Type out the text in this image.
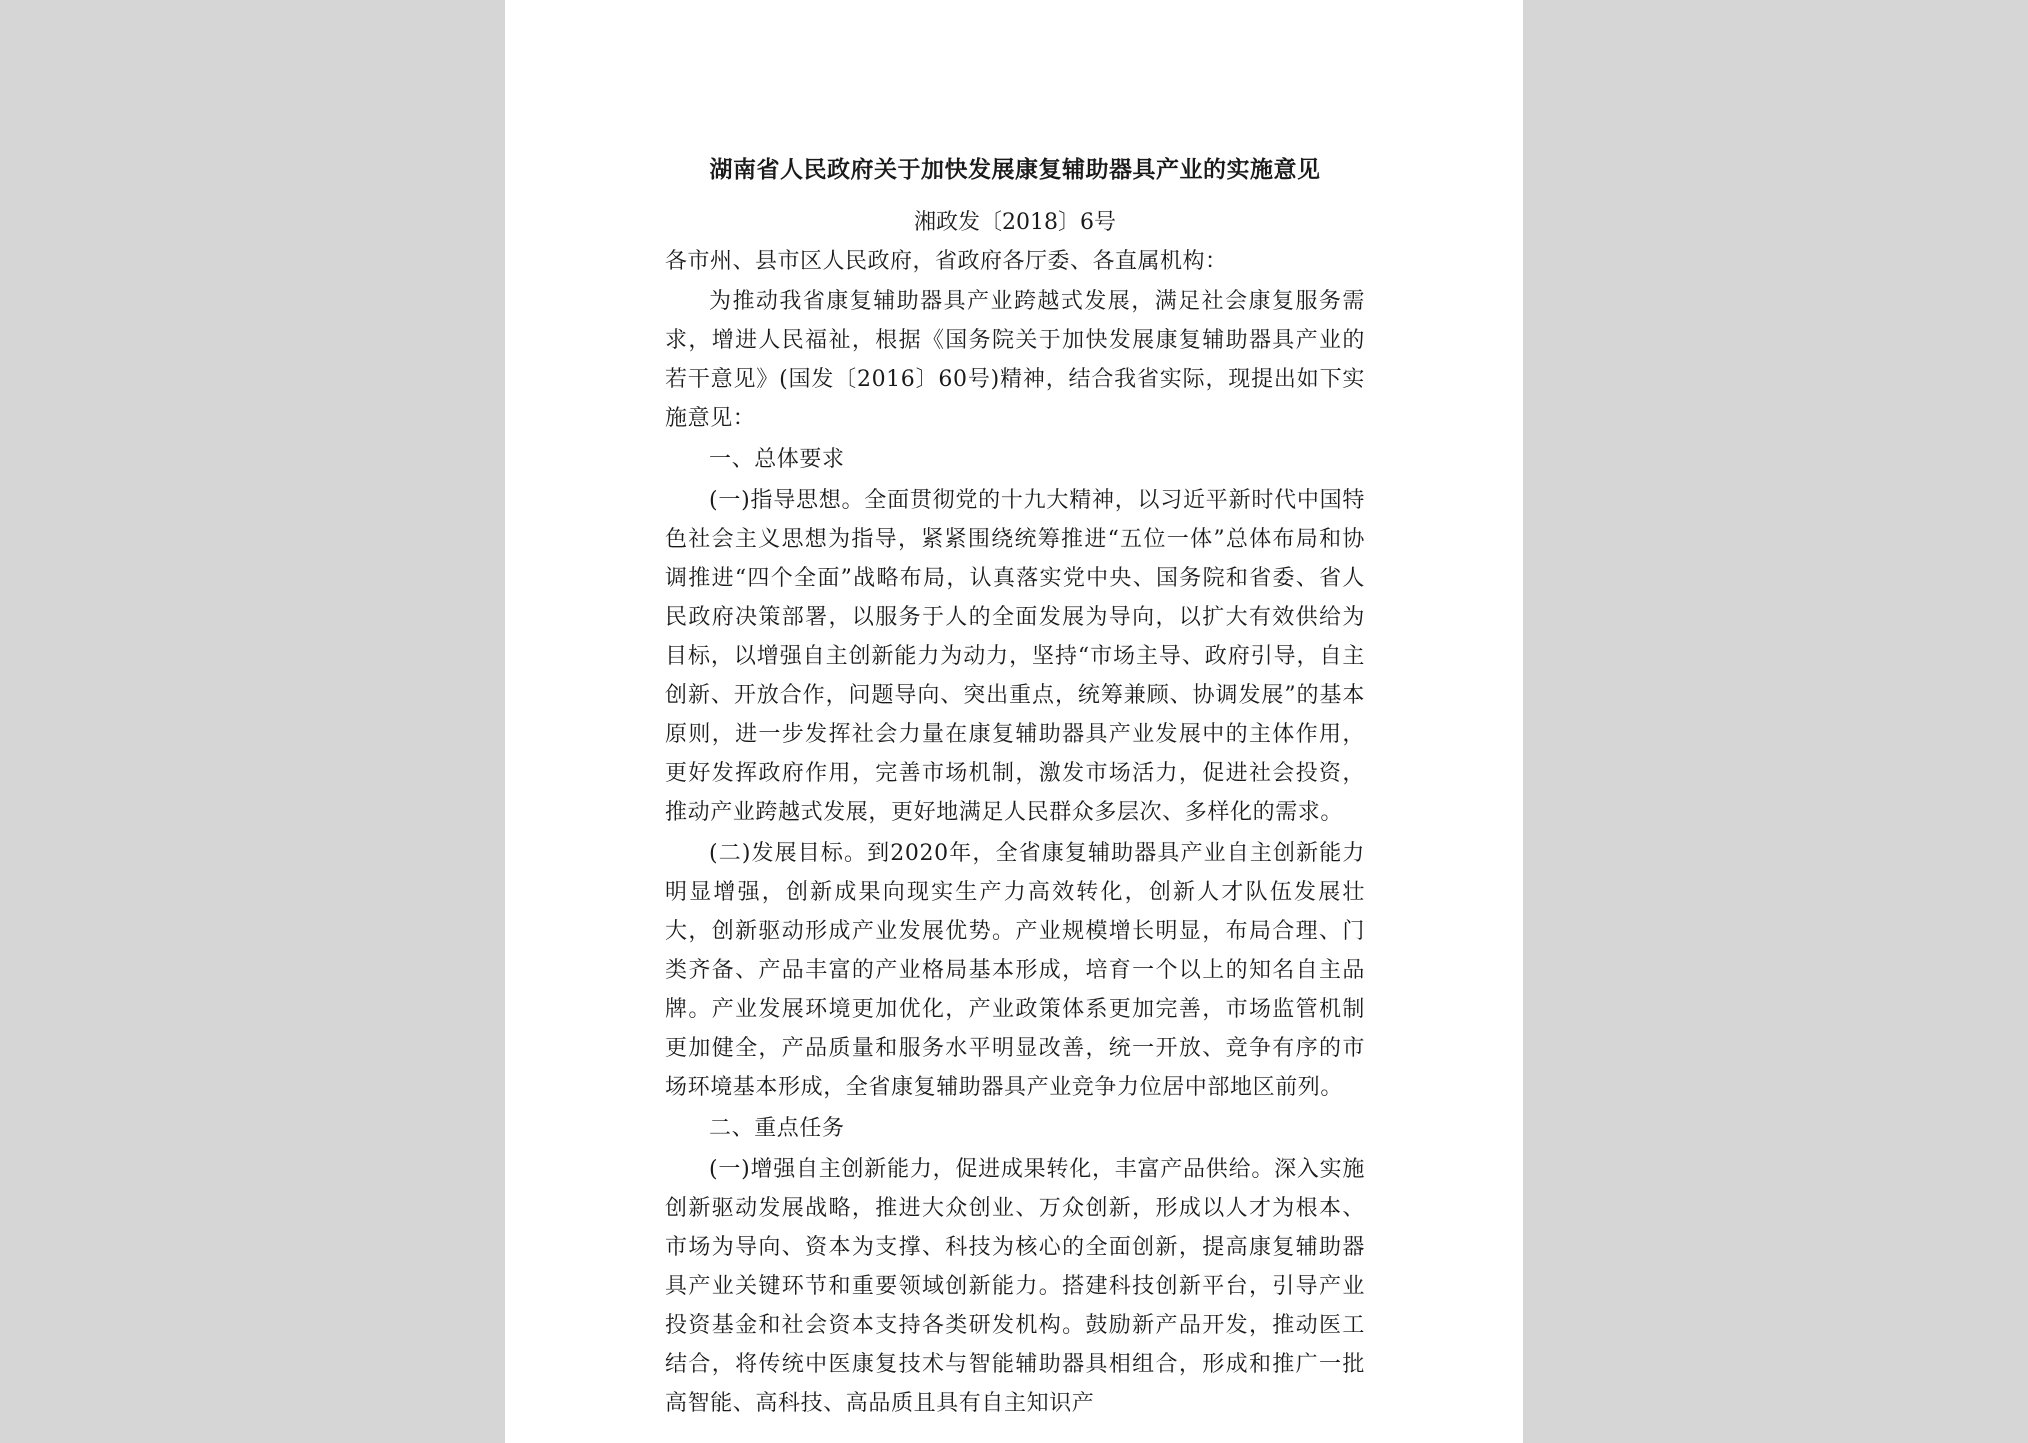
湖南省人民政府关于加快发展康复辅助器具产业的实施意见

湘政发〔2018〕6号

各市州、县市区人民政府，省政府各厅委、各直属机构：

为推动我省康复辅助器具产业跨越式发展，满足社会康复服务需求，增进人民福祉，根据《国务院关于加快发展康复辅助器具产业的若干意见》(国发〔2016〕60号)精神，结合我省实际，现提出如下实施意见：

一、总体要求

(一)指导思想。全面贯彻党的十九大精神，以习近平新时代中国特色社会主义思想为指导，紧紧围绕统筹推进“五位一体”总体布局和协调推进“四个全面”战略布局，认真落实党中央、国务院和省委、省人民政府决策部署，以服务于人的全面发展为导向，以扩大有效供给为目标，以增强自主创新能力为动力，坚持“市场主导、政府引导，自主创新、开放合作，问题导向、突出重点，统筹兼顾、协调发展”的基本原则，进一步发挥社会力量在康复辅助器具产业发展中的主体作用，更好发挥政府作用，完善市场机制，激发市场活力，促进社会投资，推动产业跨越式发展，更好地满足人民群众多层次、多样化的需求。

(二)发展目标。到2020年，全省康复辅助器具产业自主创新能力明显增强，创新成果向现实生产力高效转化，创新人才队伍发展壮大，创新驱动形成产业发展优势。产业规模增长明显，布局合理、门类齐备、产品丰富的产业格局基本形成，培育一个以上的知名自主品牌。产业发展环境更加优化，产业政策体系更加完善，市场监管机制更加健全，产品质量和服务水平明显改善，统一开放、竞争有序的市场环境基本形成，全省康复辅助器具产业竞争力位居中部地区前列。

二、重点任务

(一)增强自主创新能力，促进成果转化，丰富产品供给。深入实施创新驱动发展战略，推进大众创业、万众创新，形成以人才为根本、市场为导向、资本为支撑、科技为核心的全面创新，提高康复辅助器具产业关键环节和重要领域创新能力。搭建科技创新平台，引导产业投资基金和社会资本支持各类研发机构。鼓励新产品开发，推动医工结合，将传统中医康复技术与智能辅助器具相组合，形成和推广一批高智能、高科技、高品质且具有自主知识产
